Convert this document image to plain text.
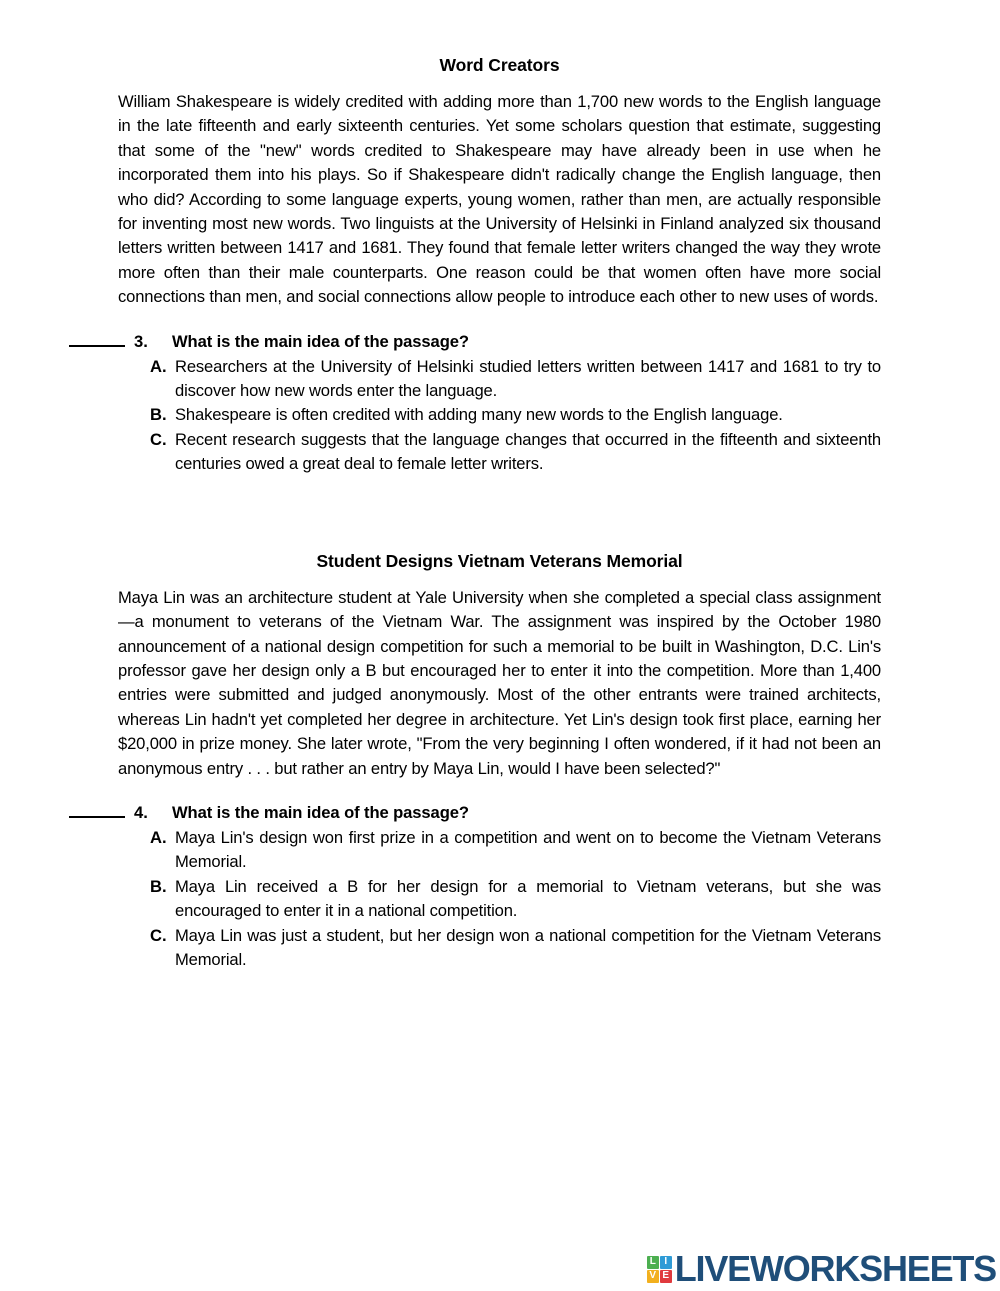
Word Creators

William Shakespeare is widely credited with adding more than 1,700 new words to the English language in the late fifteenth and early sixteenth centuries. Yet some scholars question that estimate, suggesting that some of the "new" words credited to Shakespeare may have already been in use when he incorporated them into his plays. So if Shakespeare didn't radically change the English language, then who did? According to some language experts, young women, rather than men, are actually responsible for inventing most new words. Two linguists at the University of Helsinki in Finland analyzed six thousand letters written between 1417 and 1681. They found that female letter writers changed the way they wrote more often than their male counterparts. One reason could be that women often have more social connections than men, and social connections allow people to introduce each other to new uses of words.

3.	What is the main idea of the passage?
A. Researchers at the University of Helsinki studied letters written between 1417 and 1681 to try to discover how new words enter the language.
B. Shakespeare is often credited with adding many new words to the English language.
C. Recent research suggests that the language changes that occurred in the fifteenth and sixteenth centuries owed a great deal to female letter writers.
Student Designs Vietnam Veterans Memorial

Maya Lin was an architecture student at Yale University when she completed a special class assignment—a monument to veterans of the Vietnam War. The assignment was inspired by the October 1980 announcement of a national design competition for such a memorial to be built in Washington, D.C. Lin's professor gave her design only a B but encouraged her to enter it into the competition. More than 1,400 entries were submitted and judged anonymously. Most of the other entrants were trained architects, whereas Lin hadn't yet completed her degree in architecture. Yet Lin's design took first place, earning her $20,000 in prize money. She later wrote, "From the very beginning I often wondered, if it had not been an anonymous entry . . . but rather an entry by Maya Lin, would I have been selected?"

4.	What is the main idea of the passage?
A. Maya Lin's design won first prize in a competition and went on to become the Vietnam Veterans Memorial.
B. Maya Lin received a B for her design for a memorial to Vietnam veterans, but she was encouraged to enter it in a national competition.
C. Maya Lin was just a student, but her design won a national competition for the Vietnam Veterans Memorial.
L I
V E LIVEWORKSHEETS
